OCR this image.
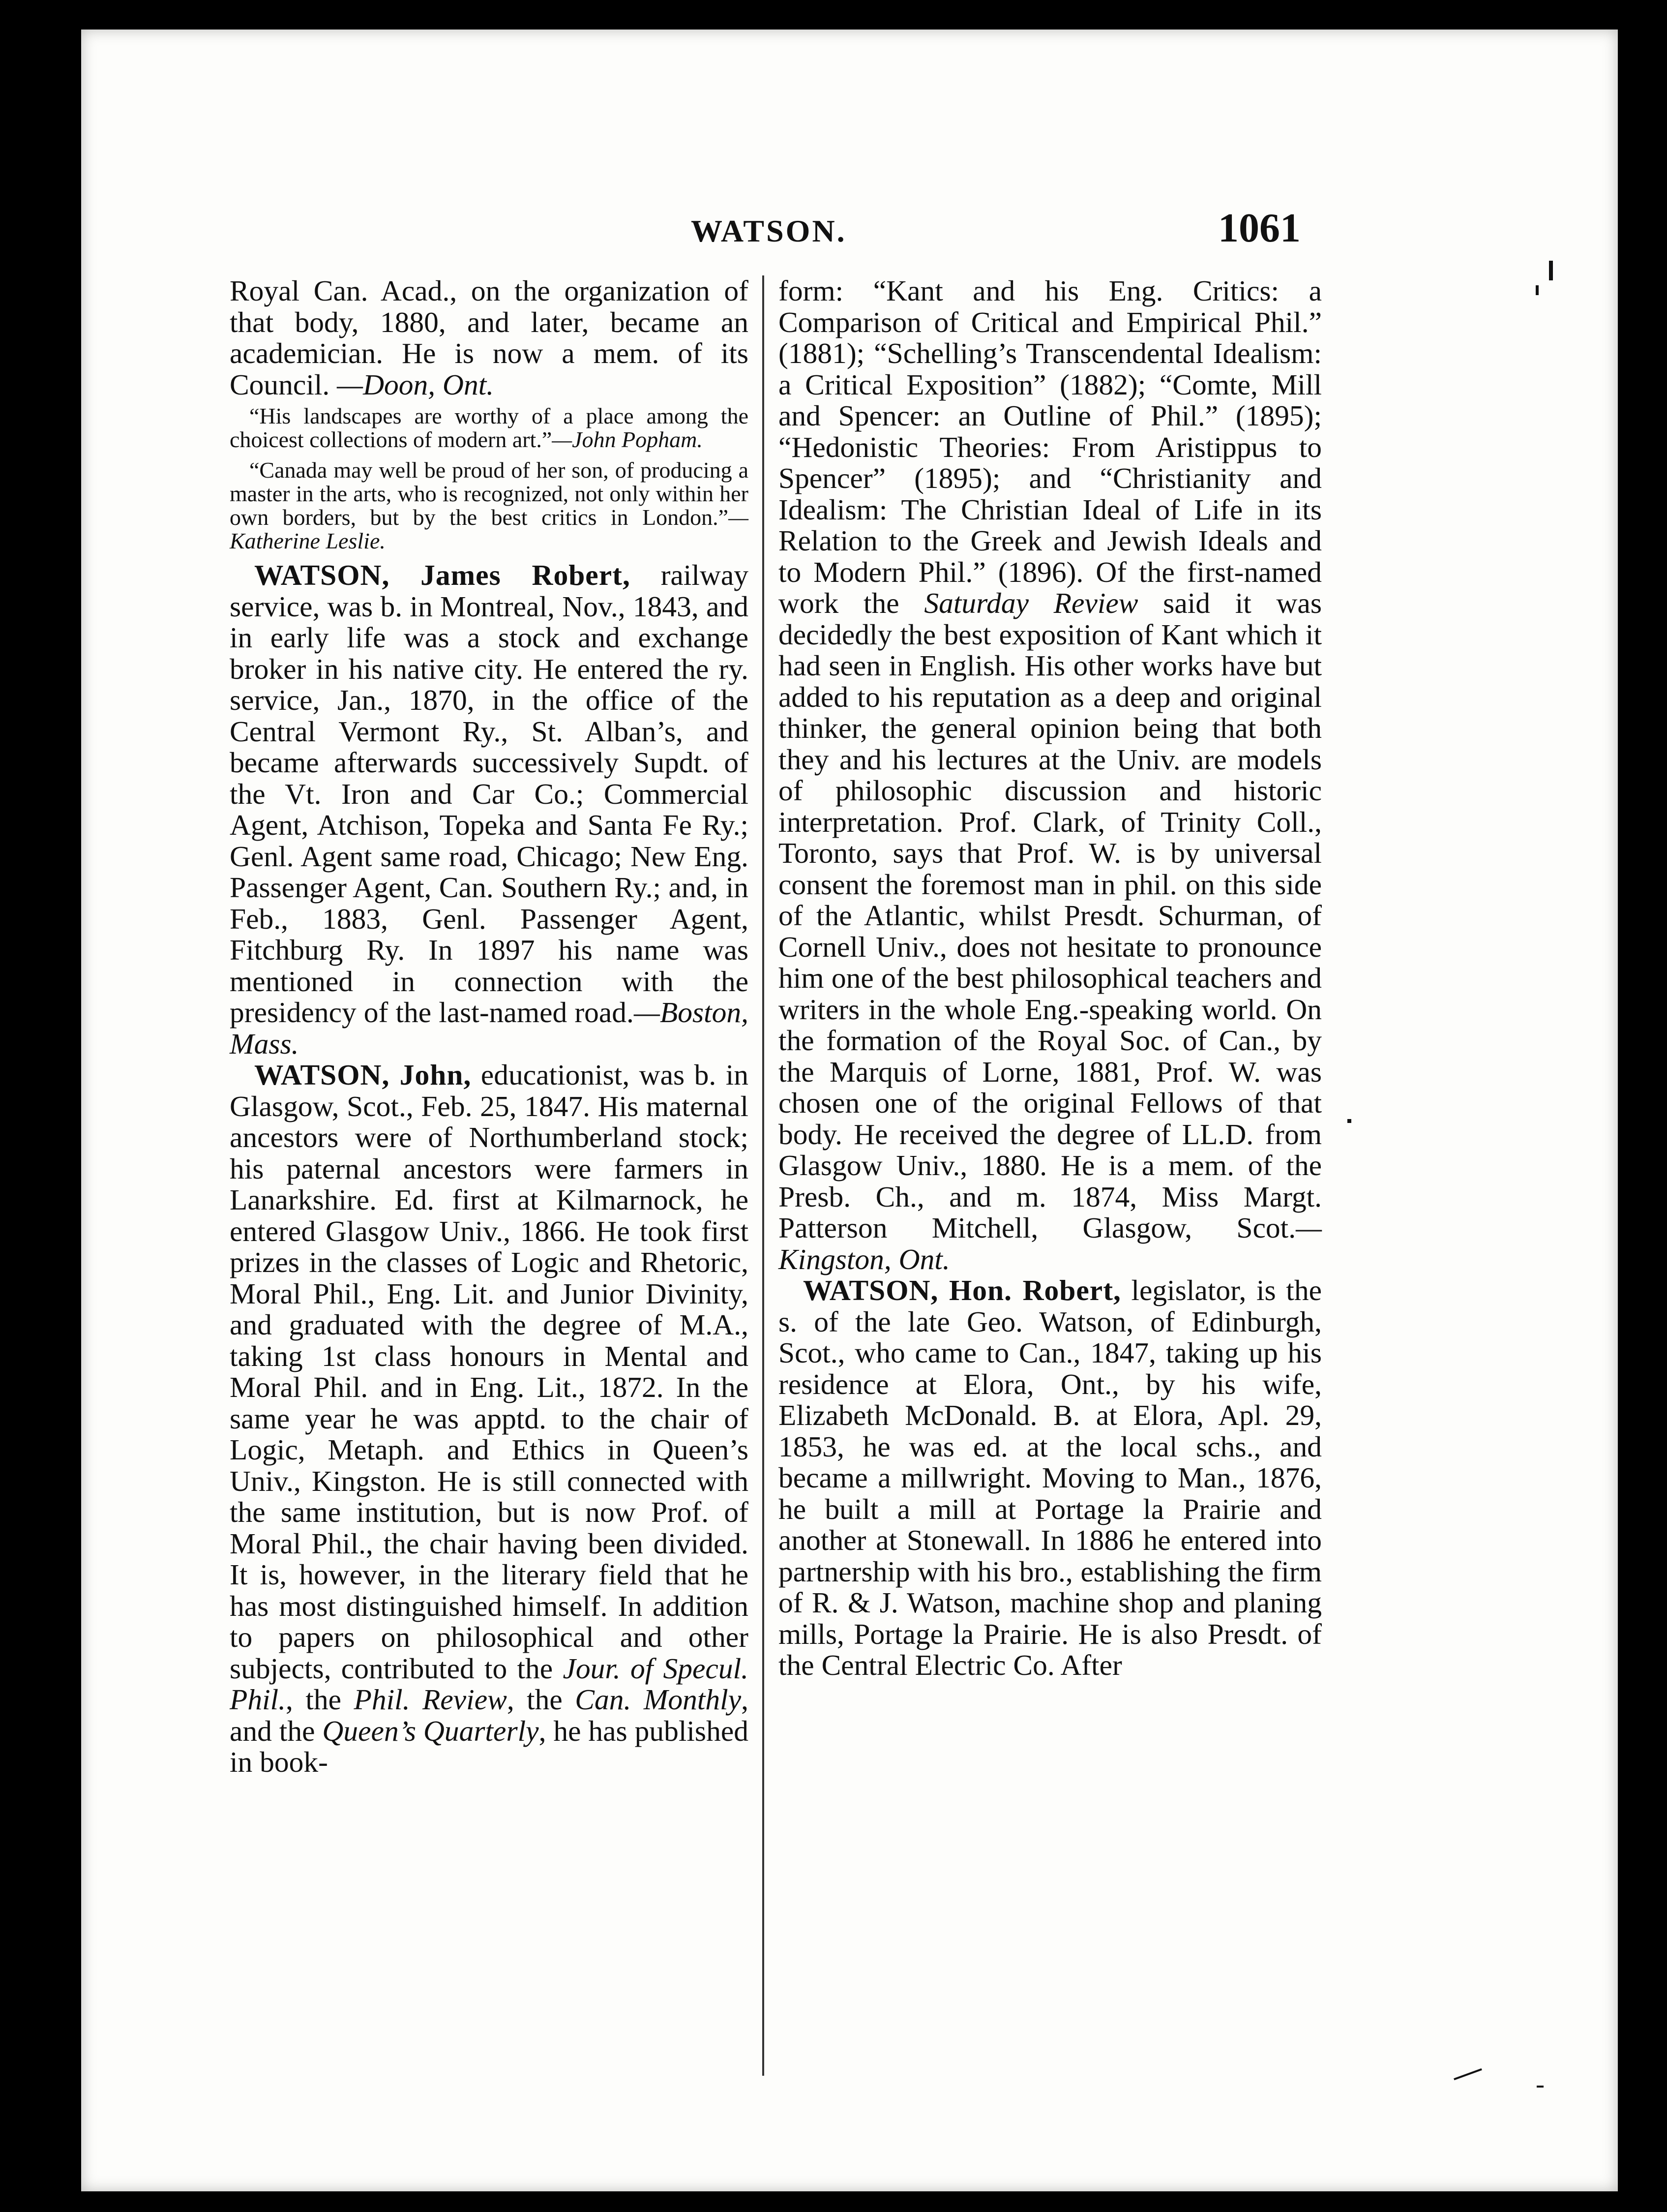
WATSON.	1061

Royal Can. Acad., on the organization of that body, 1880, and later, became an academician. He is now a mem. of its Council. —Doon, Ont.

“His landscapes are worthy of a place among the choicest collections of modern art.”—John Popham.

“Canada may well be proud of her son, of producing a master in the arts, who is recognized, not only within her own borders, but by the best critics in London.”—Katherine Leslie.

WATSON, James Robert, railway service, was b. in Montreal, Nov., 1843, and in early life was a stock and exchange broker in his native city. He entered the ry. service, Jan., 1870, in the office of the Central Vermont Ry., St. Alban’s, and became afterwards successively Supdt. of the Vt. Iron and Car Co.; Commercial Agent, Atchison, Topeka and Santa Fe Ry.; Genl. Agent same road, Chicago; New Eng. Passenger Agent, Can. Southern Ry.; and, in Feb., 1883, Genl. Passenger Agent, Fitchburg Ry. In 1897 his name was mentioned in connection with the presidency of the last-named road.—Boston, Mass.

WATSON, John, educationist, was b. in Glasgow, Scot., Feb. 25, 1847. His maternal ancestors were of Northumberland stock; his paternal ancestors were farmers in Lanarkshire. Ed. first at Kilmarnock, he entered Glasgow Univ., 1866. He took first prizes in the classes of Logic and Rhetoric, Moral Phil., Eng. Lit. and Junior Divinity, and graduated with the degree of M.A., taking 1st class honours in Mental and Moral Phil. and in Eng. Lit., 1872. In the same year he was apptd. to the chair of Logic, Metaph. and Ethics in Queen’s Univ., Kingston. He is still connected with the same institution, but is now Prof. of Moral Phil., the chair having been divided. It is, however, in the literary field that he has most distinguished himself. In addition to papers on philosophical and other subjects, contributed to the Jour. of Specul. Phil., the Phil. Review, the Can. Monthly, and the Queen’s Quarterly, he has published in book-

form: “Kant and his Eng. Critics: a Comparison of Critical and Empirical Phil.” (1881); “Schelling’s Transcendental Idealism: a Critical Exposition” (1882); “Comte, Mill and Spencer: an Outline of Phil.” (1895); “Hedonistic Theories: From Aristippus to Spencer” (1895); and “Christianity and Idealism: The Christian Ideal of Life in its Relation to the Greek and Jewish Ideals and to Modern Phil.” (1896). Of the first-named work the Saturday Review said it was decidedly the best exposition of Kant which it had seen in English. His other works have but added to his reputation as a deep and original thinker, the general opinion being that both they and his lectures at the Univ. are models of philosophic discussion and historic interpretation. Prof. Clark, of Trinity Coll., Toronto, says that Prof. W. is by universal consent the foremost man in phil. on this side of the Atlantic, whilst Presdt. Schurman, of Cornell Univ., does not hesitate to pronounce him one of the best philosophical teachers and writers in the whole Eng.-speaking world. On the formation of the Royal Soc. of Can., by the Marquis of Lorne, 1881, Prof. W. was chosen one of the original Fellows of that body. He received the degree of LL.D. from Glasgow Univ., 1880. He is a mem. of the Presb. Ch., and m. 1874, Miss Margt. Patterson Mitchell, Glasgow, Scot.—Kingston, Ont.

WATSON, Hon. Robert, legislator, is the s. of the late Geo. Watson, of Edinburgh, Scot., who came to Can., 1847, taking up his residence at Elora, Ont., by his wife, Elizabeth McDonald. B. at Elora, Apl. 29, 1853, he was ed. at the local schs., and became a millwright. Moving to Man., 1876, he built a mill at Portage la Prairie and another at Stonewall. In 1886 he entered into partnership with his bro., establishing the firm of R. & J. Watson, machine shop and planing mills, Portage la Prairie. He is also Presdt. of the Central Electric Co. After
